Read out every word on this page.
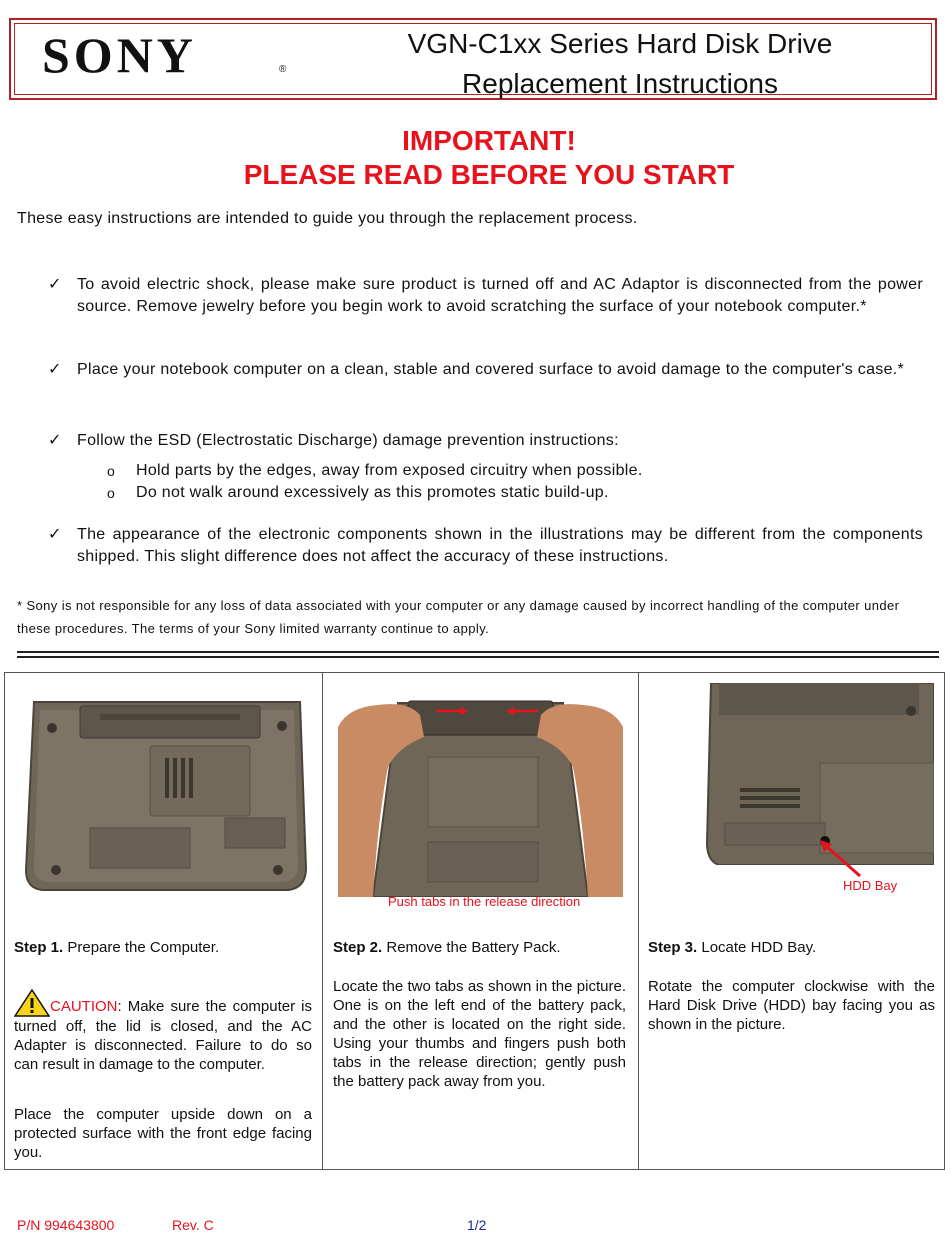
SONY	®
VGN-C1xx Series Hard Disk Drive
Replacement Instructions
IMPORTANT!
PLEASE READ BEFORE YOU START
These easy instructions are intended to guide you through the replacement process.
✓ To avoid electric shock, please make sure product is turned off and AC Adaptor is disconnected from the power source. Remove jewelry before you begin work to avoid scratching the surface of your notebook computer.*
✓ Place your notebook computer on a clean, stable and covered surface to avoid damage to the computer's case.*
✓ Follow the ESD (Electrostatic Discharge) damage prevention instructions:
o Hold parts by the edges, away from exposed circuitry when possible.
o Do not walk around excessively as this promotes static build-up.
✓ The appearance of the electronic components shown in the illustrations may be different from the components shipped. This slight difference does not affect the accuracy of these instructions.
* Sony is not responsible for any loss of data associated with your computer or any damage caused by incorrect handling of the computer under these procedures. The terms of your Sony limited warranty continue to apply.
Step 1. Prepare the Computer.
CAUTION: Make sure the computer is turned off, the lid is closed, and the AC Adapter is disconnected. Failure to do so can result in damage to the computer.
Place the computer upside down on a protected surface with the front edge facing you.
Push tabs in the release direction
Step 2. Remove the Battery Pack.
Locate the two tabs as shown in the picture. One is on the left end of the battery pack, and the other is located on the right side. Using your thumbs and fingers push both tabs in the release direction; gently push the battery pack away from you.
HDD Bay
Step 3. Locate HDD Bay.
Rotate the computer clockwise with the Hard Disk Drive (HDD) bay facing you as shown in the picture.
P/N 994643800	Rev. C	1/2
